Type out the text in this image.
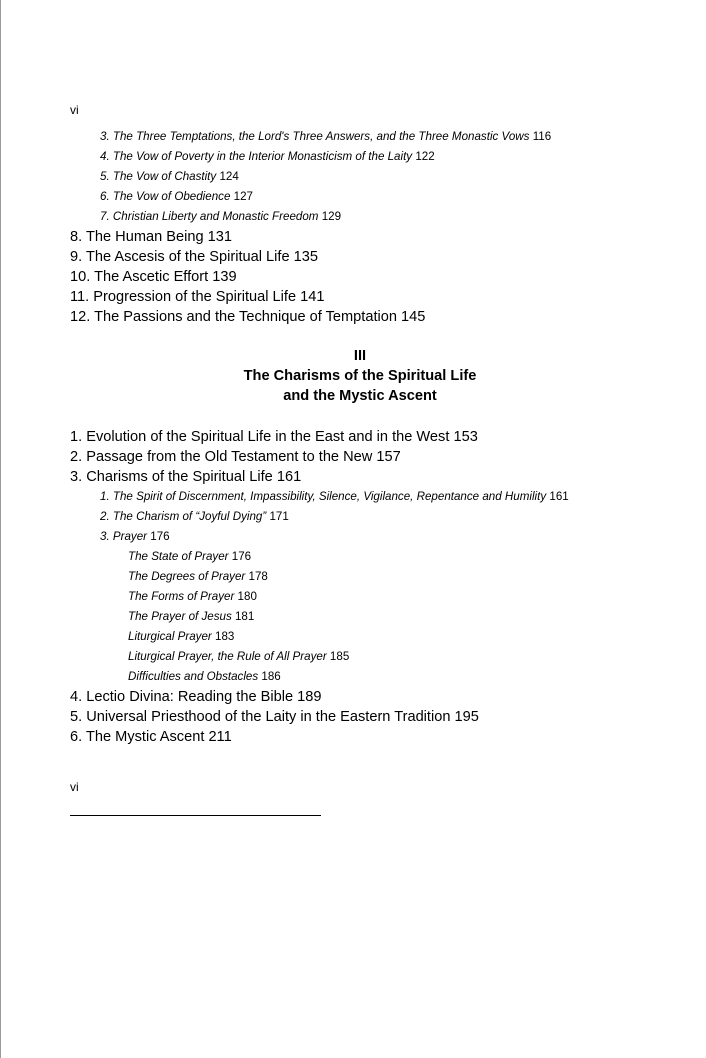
vi
3. The Three Temptations, the Lord's Three Answers, and the Three Monastic Vows 116
4. The Vow of Poverty in the Interior Monasticism of the Laity 122
5. The Vow of Chastity 124
6. The Vow of Obedience 127
7. Christian Liberty and Monastic Freedom 129
8. The Human Being 131
9. The Ascesis of the Spiritual Life 135
10. The Ascetic Effort 139
11. Progression of the Spiritual Life 141
12. The Passions and the Technique of Temptation 145
III
The Charisms of the Spiritual Life
and the Mystic Ascent
1. Evolution of the Spiritual Life in the East and in the West 153
2. Passage from the Old Testament to the New 157
3. Charisms of the Spiritual Life 161
1. The Spirit of Discernment, Impassibility, Silence, Vigilance, Repentance and Humility 161
2. The Charism of “Joyful Dying” 171
3. Prayer 176
The State of Prayer 176
The Degrees of Prayer 178
The Forms of Prayer 180
The Prayer of Jesus 181
Liturgical Prayer 183
Liturgical Prayer, the Rule of All Prayer 185
Difficulties and Obstacles 186
4. Lectio Divina: Reading the Bible 189
5. Universal Priesthood of the Laity in the Eastern Tradition 195
6. The Mystic Ascent 211
vi
